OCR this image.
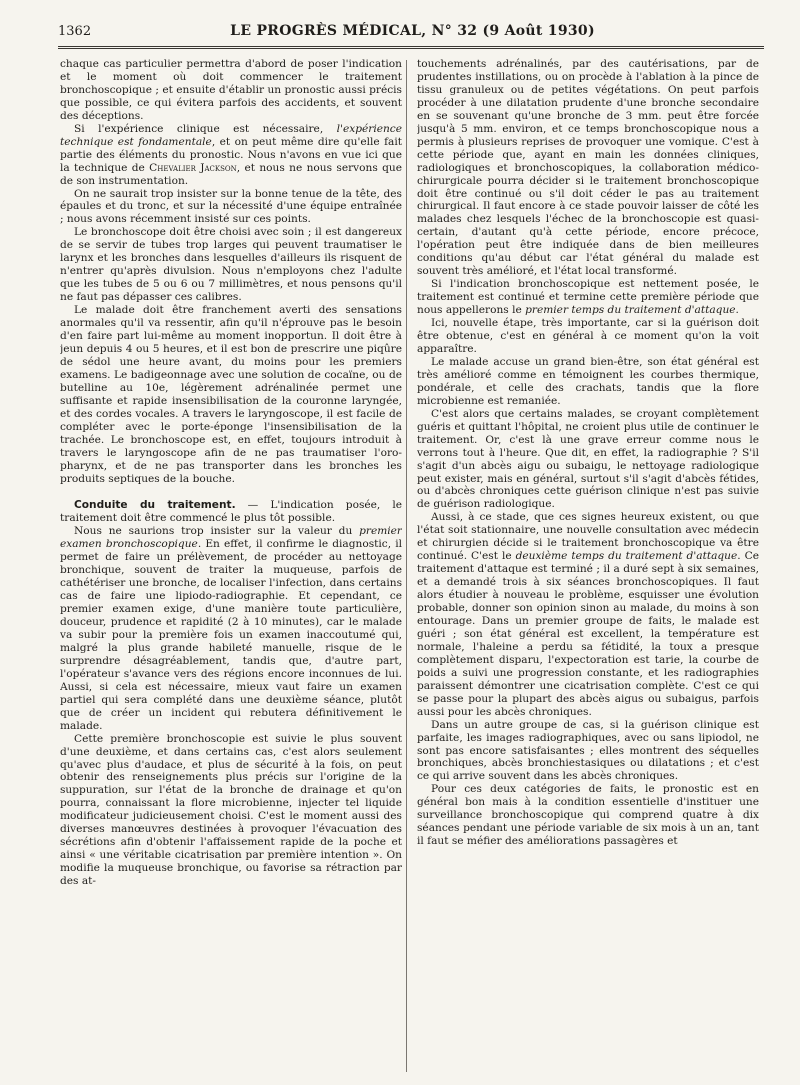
1362	LE PROGRÈS MÉDICAL, N° 32 (9 Août 1930)

chaque cas particulier permettra d'abord de poser l'indication et le moment où doit commencer le traitement bronchoscopique ; et ensuite d'établir un pronostic aussi précis que possible, ce qui évitera parfois des accidents, et souvent des déceptions.

Si l'expérience clinique est nécessaire, l'expérience technique est fondamentale, et on peut même dire qu'elle fait partie des éléments du pronostic. Nous n'avons en vue ici que la technique de Chevalier Jackson, et nous ne nous servons que de son instrumentation.

On ne saurait trop insister sur la bonne tenue de la tête, des épaules et du tronc, et sur la nécessité d'une équipe entraînée ; nous avons récemment insisté sur ces points.

Le bronchoscope doit être choisi avec soin ; il est dangereux de se servir de tubes trop larges qui peuvent traumatiser le larynx et les bronches dans lesquelles d'ailleurs ils risquent de n'entrer qu'après divulsion. Nous n'employons chez l'adulte que les tubes de 5 ou 6 ou 7 millimètres, et nous pensons qu'il ne faut pas dépasser ces calibres.

Le malade doit être franchement averti des sensations anormales qu'il va ressentir, afin qu'il n'éprouve pas le besoin d'en faire part lui-même au moment inopportun. Il doit être à jeun depuis 4 ou 5 heures, et il est bon de prescrire une piqûre de sédol une heure avant, du moins pour les premiers examens. Le badigeonnage avec une solution de cocaïne, ou de butelline au 10e, légèrement adrénalinée permet une suffisante et rapide insensibilisation de la couronne laryngée, et des cordes vocales. A travers le laryngoscope, il est facile de compléter avec le porte-éponge l'insensibilisation de la trachée. Le bronchoscope est, en effet, toujours introduit à travers le laryngoscope afin de ne pas traumatiser l'oro-pharynx, et de ne pas transporter dans les bronches les produits septiques de la bouche.

Conduite du traitement. — L'indication posée, le traitement doit être commencé le plus tôt possible.

Nous ne saurions trop insister sur la valeur du premier examen bronchoscopique. En effet, il confirme le diagnostic, il permet de faire un prélèvement, de procéder au nettoyage bronchique, souvent de traiter la muqueuse, parfois de cathétériser une bronche, de localiser l'infection, dans certains cas de faire une lipiodo-radiographie. Et cependant, ce premier examen exige, d'une manière toute particulière, douceur, prudence et rapidité (2 à 10 minutes), car le malade va subir pour la première fois un examen inaccoutumé qui, malgré la plus grande habileté manuelle, risque de le surprendre désagréablement, tandis que, d'autre part, l'opérateur s'avance vers des régions encore inconnues de lui. Aussi, si cela est nécessaire, mieux vaut faire un examen partiel qui sera complété dans une deuxième séance, plutôt que de créer un incident qui rebutera définitivement le malade.

Cette première bronchoscopie est suivie le plus souvent d'une deuxième, et dans certains cas, c'est alors seulement qu'avec plus d'audace, et plus de sécurité à la fois, on peut obtenir des renseignements plus précis sur l'origine de la suppuration, sur l'état de la bronche de drainage et qu'on pourra, connaissant la flore microbienne, injecter tel liquide modificateur judicieusement choisi. C'est le moment aussi des diverses manœuvres destinées à provoquer l'évacuation des sécrétions afin d'obtenir l'affaissement rapide de la poche et ainsi « une véritable cicatrisation par première intention ». On modifie la muqueuse bronchique, ou favorise sa rétraction par des at-

touchements adrénalinés, par des cautérisations, par de prudentes instillations, ou on procède à l'ablation à la pince de tissu granuleux ou de petites végétations. On peut parfois procéder à une dilatation prudente d'une bronche secondaire en se souvenant qu'une bronche de 3 mm. peut être forcée jusqu'à 5 mm. environ, et ce temps bronchoscopique nous a permis à plusieurs reprises de provoquer une vomique. C'est à cette période que, ayant en main les données cliniques, radiologiques et bronchoscopiques, la collaboration médico-chirurgicale pourra décider si le traitement bronchoscopique doit être continué ou s'il doit céder le pas au traitement chirurgical. Il faut encore à ce stade pouvoir laisser de côté les malades chez lesquels l'échec de la bronchoscopie est quasi-certain, d'autant qu'à cette période, encore précoce, l'opération peut être indiquée dans de bien meilleures conditions qu'au début car l'état général du malade est souvent très amélioré, et l'état local transformé.

Si l'indication bronchoscopique est nettement posée, le traitement est continué et termine cette première période que nous appellerons le premier temps du traitement d'attaque.

Ici, nouvelle étape, très importante, car si la guérison doit être obtenue, c'est en général à ce moment qu'on la voit apparaître.

Le malade accuse un grand bien-être, son état général est très amélioré comme en témoignent les courbes thermique, pondérale, et celle des crachats, tandis que la flore microbienne est remaniée.

C'est alors que certains malades, se croyant complètement guéris et quittant l'hôpital, ne croient plus utile de continuer le traitement. Or, c'est là une grave erreur comme nous le verrons tout à l'heure. Que dit, en effet, la radiographie ? S'il s'agit d'un abcès aigu ou subaigu, le nettoyage radiologique peut exister, mais en général, surtout s'il s'agit d'abcès fétides, ou d'abcès chroniques cette guérison clinique n'est pas suivie de guérison radiologique.

Aussi, à ce stade, que ces signes heureux existent, ou que l'état soit stationnaire, une nouvelle consultation avec médecin et chirurgien décide si le traitement bronchoscopique va être continué. C'est le deuxième temps du traitement d'attaque. Ce traitement d'attaque est terminé ; il a duré sept à six semaines, et a demandé trois à six séances bronchoscopiques. Il faut alors étudier à nouveau le problème, esquisser une évolution probable, donner son opinion sinon au malade, du moins à son entourage. Dans un premier groupe de faits, le malade est guéri ; son état général est excellent, la température est normale, l'haleine a perdu sa fétidité, la toux a presque complètement disparu, l'expectoration est tarie, la courbe de poids a suivi une progression constante, et les radiographies paraissent démontrer une cicatrisation complète. C'est ce qui se passe pour la plupart des abcès aigus ou subaigus, parfois aussi pour les abcès chroniques.

Dans un autre groupe de cas, si la guérison clinique est parfaite, les images radiographiques, avec ou sans lipiodol, ne sont pas encore satisfaisantes ; elles montrent des séquelles bronchiques, abcès bronchiestasiques ou dilatations ; et c'est ce qui arrive souvent dans les abcès chroniques.

Pour ces deux catégories de faits, le pronostic est en général bon mais à la condition essentielle d'instituer une surveillance bronchoscopique qui comprend quatre à dix séances pendant une période variable de six mois à un an, tant il faut se méfier des améliorations passagères et
